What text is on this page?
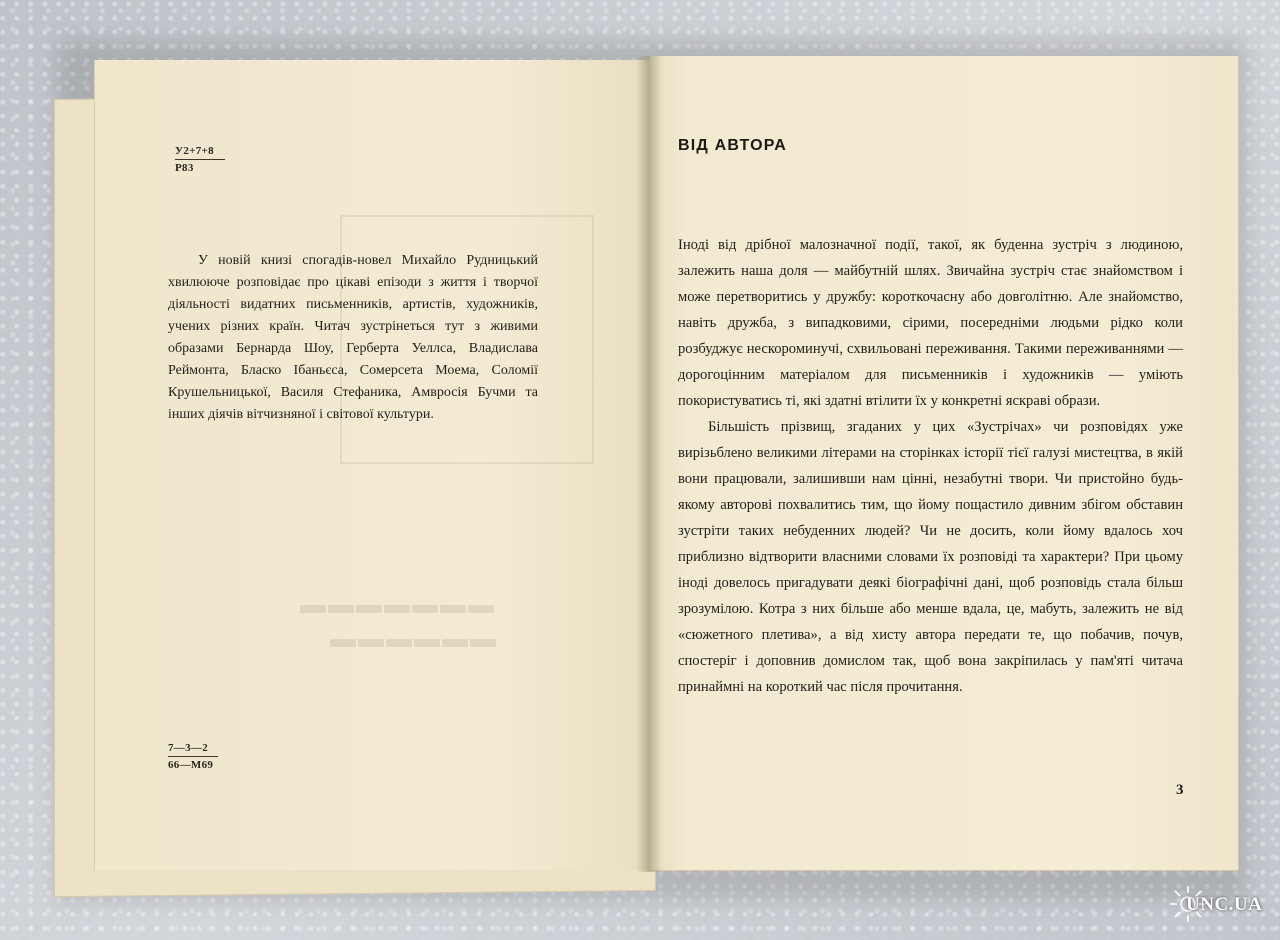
▬▬▬▬▬▬▬
▬▬▬▬▬▬
У2+7+8
Р83

У новій книзі спогадів-новел Михайло Рудницький хвилююче розповідає про цікаві епізоди з життя і творчої діяльності видатних письменників, артистів, художників, учених різних країн. Читач зустрінеться тут з живими образами Бернарда Шоу, Герберта Уеллса, Владислава Реймонта, Бласко Ібаньєса, Сомерсета Моема, Соломії Крушельницької, Василя Стефаника, Амвросія Бучми та інших діячів вітчизняної і світової культури.

7—3—2
66—М69
ВІД АВТОРА

Іноді від дрібної малозначної події, такої, як буденна зустріч з людиною, залежить наша доля — майбутній шлях. Звичайна зустріч стає знайомством і може перетворитись у дружбу: короткочасну або довголітню. Але знайомство, навіть дружба, з випадковими, сірими, посередніми людьми рідко коли розбуджує нескороминучі, схвильовані переживання. Такими переживаннями — дорогоцінним матеріалом для письменників і художників — уміють покористуватись ті, які здатні втілити їх у конкретні яскраві образи.

Більшість прізвищ, згаданих у цих «Зустрічах» чи розповідях уже вирізьблено великими літерами на сторінках історії тієї галузі мистецтва, в якій вони працювали, залишивши нам цінні, незабутні твори. Чи пристойно будь-якому авторові похвалитись тим, що йому пощастило дивним збігом обставин зустріти таких небуденних людей? Чи не досить, коли йому вдалось хоч приблизно відтворити власними словами їх розповіді та характери? При цьому іноді довелось пригадувати деякі біографічні дані, щоб розповідь стала більш зрозумілою. Котра з них більше або менше вдала, це, мабуть, залежить не від «сюжетного плетива», а від хисту автора передати те, що побачив, почув, спостеріг і доповнив домислом так, щоб вона закріпилась у пам'яті читача принаймні на короткий час після прочитання.

3
UNC.UA
